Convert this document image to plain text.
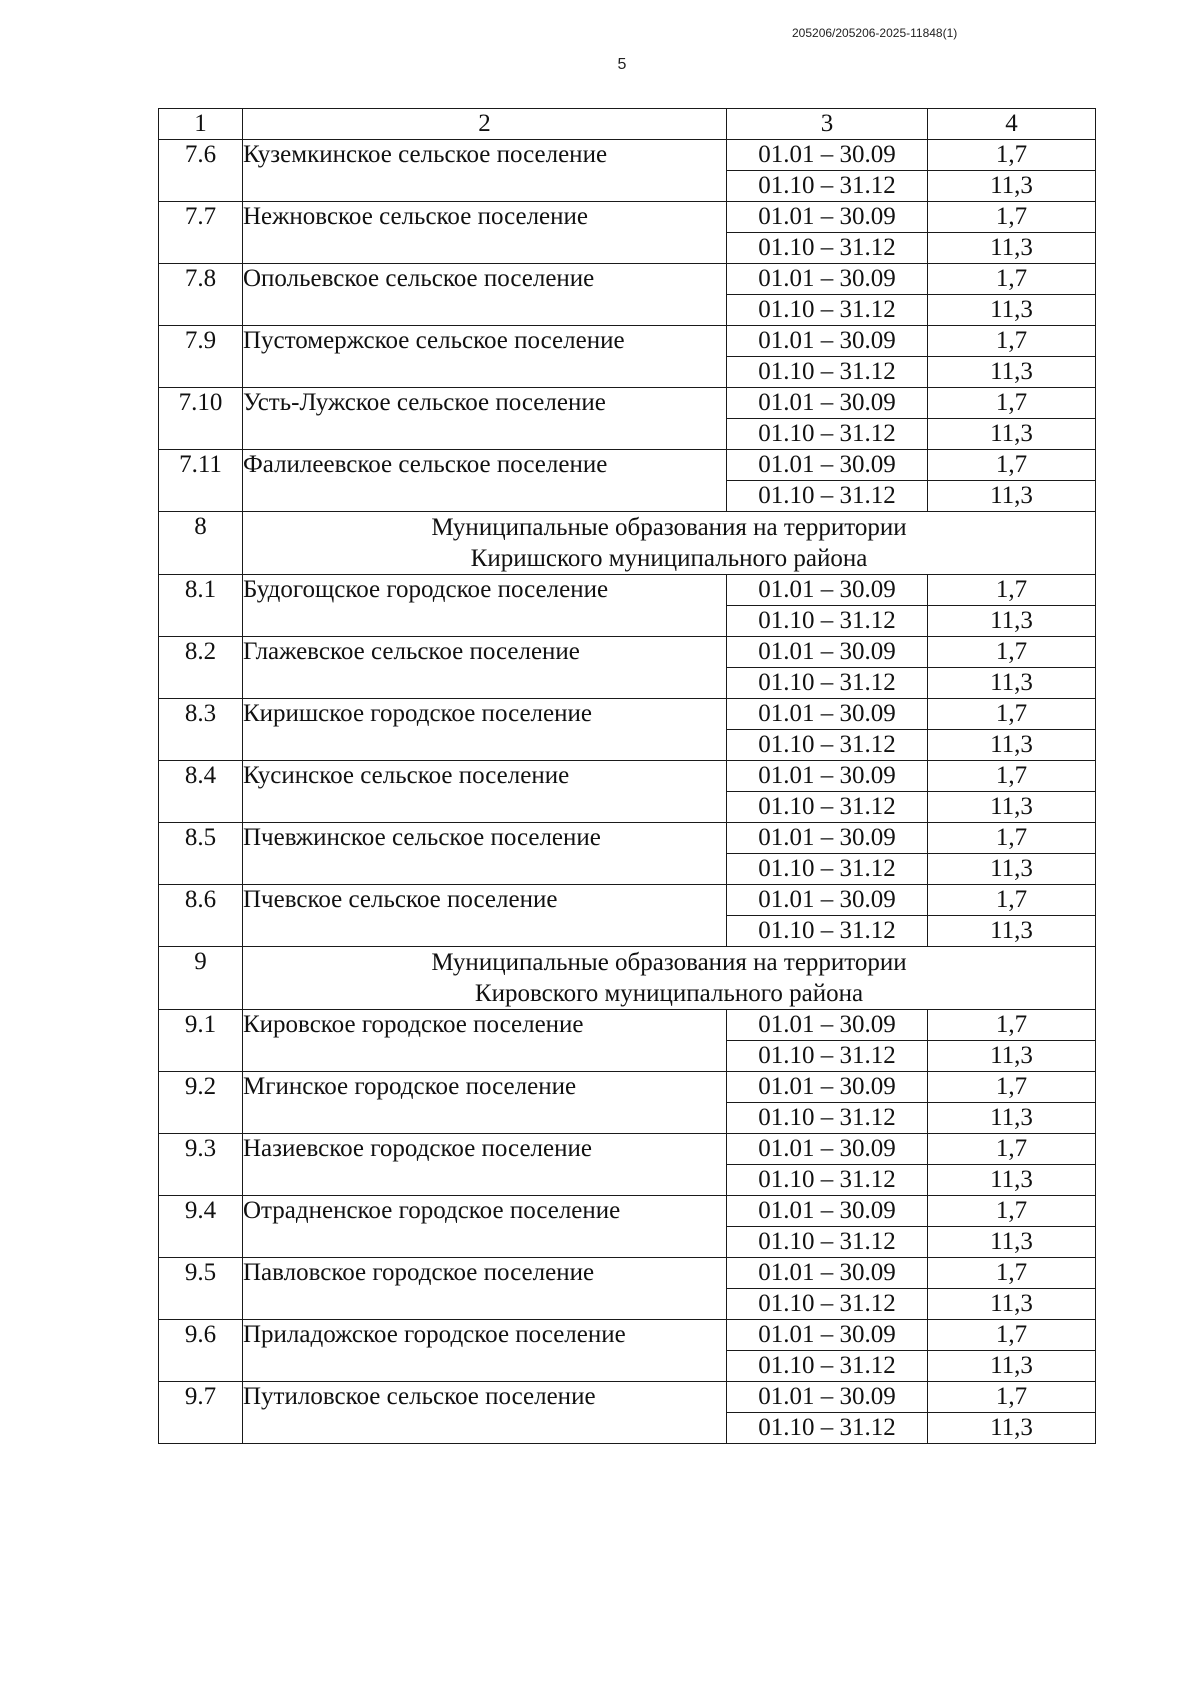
205206/205206-2025-11848(1)
5
1	2	3	4
7.6	Куземкинское сельское поселение	01.01 – 30.09	1,7
		01.10 – 31.12	11,3
7.7	Нежновское сельское поселение	01.01 – 30.09	1,7
		01.10 – 31.12	11,3
7.8	Опольевское сельское поселение	01.01 – 30.09	1,7
		01.10 – 31.12	11,3
7.9	Пустомержское сельское поселение	01.01 – 30.09	1,7
		01.10 – 31.12	11,3
7.10	Усть-Лужское сельское поселение	01.01 – 30.09	1,7
		01.10 – 31.12	11,3
7.11	Фалилеевское сельское поселение	01.01 – 30.09	1,7
		01.10 – 31.12	11,3
8	Муниципальные образования на территории
Киришского муниципального района		

8.1	Будогощское городское поселение	01.01 – 30.09	1,7
		01.10 – 31.12	11,3
8.2	Глажевское сельское поселение	01.01 – 30.09	1,7
		01.10 – 31.12	11,3
8.3	Киришское городское поселение	01.01 – 30.09	1,7
		01.10 – 31.12	11,3
8.4	Кусинское сельское поселение	01.01 – 30.09	1,7
		01.10 – 31.12	11,3
8.5	Пчевжинское сельское поселение	01.01 – 30.09	1,7
		01.10 – 31.12	11,3
8.6	Пчевское сельское поселение	01.01 – 30.09	1,7
		01.10 – 31.12	11,3
9	Муниципальные образования на территории
Кировского муниципального района		

9.1	Кировское городское поселение	01.01 – 30.09	1,7
		01.10 – 31.12	11,3
9.2	Мгинское городское поселение	01.01 – 30.09	1,7
		01.10 – 31.12	11,3
9.3	Назиевское городское поселение	01.01 – 30.09	1,7
		01.10 – 31.12	11,3
9.4	Отрадненское городское поселение	01.01 – 30.09	1,7
		01.10 – 31.12	11,3
9.5	Павловское городское поселение	01.01 – 30.09	1,7
		01.10 – 31.12	11,3
9.6	Приладожское городское поселение	01.01 – 30.09	1,7
		01.10 – 31.12	11,3
9.7	Путиловское сельское поселение	01.01 – 30.09	1,7
		01.10 – 31.12	11,3
